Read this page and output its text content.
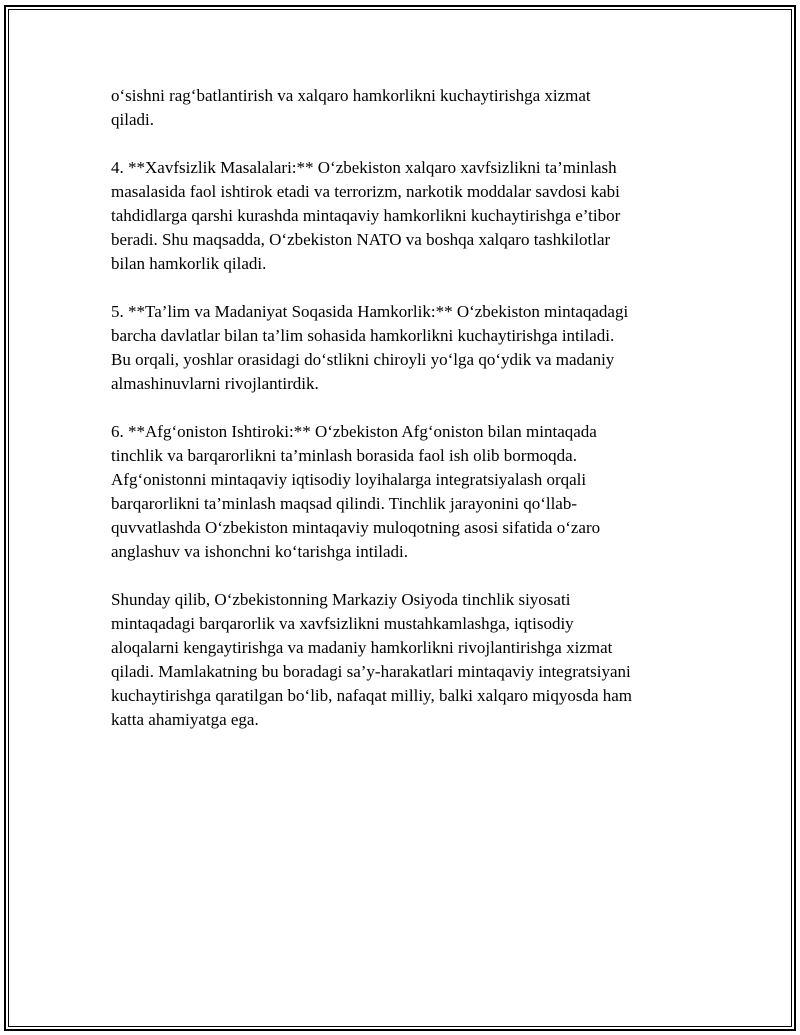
o‘sishni rag‘batlantirish va xalqaro hamkorlikni kuchaytirishga xizmat
qiladi.

4. **Xavfsizlik Masalalari:** O‘zbekiston xalqaro xavfsizlikni ta’minlash
masalasida faol ishtirok etadi va terrorizm, narkotik moddalar savdosi kabi
tahdidlarga qarshi kurashda mintaqaviy hamkorlikni kuchaytirishga e’tibor
beradi. Shu maqsadda, O‘zbekiston NATO va boshqa xalqaro tashkilotlar
bilan hamkorlik qiladi.

5. **Ta’lim va Madaniyat Soqasida Hamkorlik:** O‘zbekiston mintaqadagi
barcha davlatlar bilan ta’lim sohasida hamkorlikni kuchaytirishga intiladi.
Bu orqali, yoshlar orasidagi do‘stlikni chiroyli yo‘lga qo‘ydik va madaniy
almashinuvlarni rivojlantirdik.

6. **Afg‘oniston Ishtiroki:** O‘zbekiston Afg‘oniston bilan mintaqada
tinchlik va barqarorlikni ta’minlash borasida faol ish olib bormoqda.
Afg‘onistonni mintaqaviy iqtisodiy loyihalarga integratsiyalash orqali
barqarorlikni ta’minlash maqsad qilindi. Tinchlik jarayonini qo‘llab-
quvvatlashda O‘zbekiston mintaqaviy muloqotning asosi sifatida o‘zaro
anglashuv va ishonchni ko‘tarishga intiladi.

Shunday qilib, O‘zbekistonning Markaziy Osiyoda tinchlik siyosati
mintaqadagi barqarorlik va xavfsizlikni mustahkamlashga, iqtisodiy
aloqalarni kengaytirishga va madaniy hamkorlikni rivojlantirishga xizmat
qiladi. Mamlakatning bu boradagi sa’y-harakatlari mintaqaviy integratsiyani
kuchaytirishga qaratilgan bo‘lib, nafaqat milliy, balki xalqaro miqyosda ham
katta ahamiyatga ega.
